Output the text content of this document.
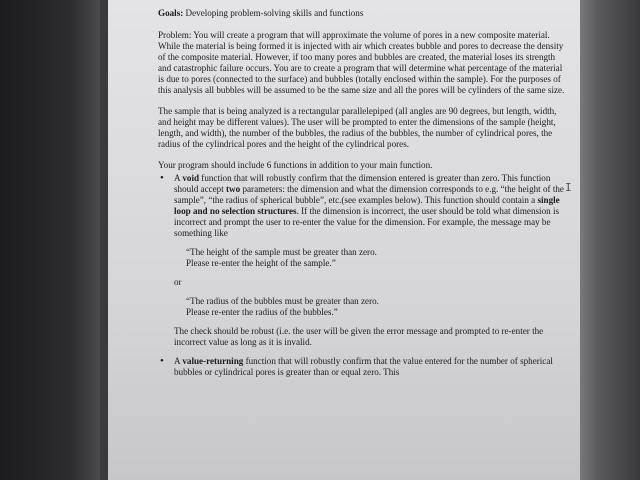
Goals: Developing problem-solving skills and functions

Problem: You will create a program that will approximate the volume of pores in a new composite material. While the material is being formed it is injected with air which creates bubble and pores to decrease the density of the composite material. However, if too many pores and bubbles are created, the material loses its strength and catastrophic failure occurs. You are to create a program that will determine what percentage of the material is due to pores (connected to the surface) and bubbles (totally enclosed within the sample). For the purposes of this analysis all bubbles will be assumed to be the same size and all the pores will be cylinders of the same size.

The sample that is being analyzed is a rectangular parallelepiped (all angles are 90 degrees, but length, width, and height may be different values). The user will be prompted to enter the dimensions of the sample (height, length, and width), the number of the bubbles, the radius of the bubbles, the number of cylindrical pores, the radius of the cylindrical pores and the height of the cylindrical pores.

Your program should include 6 functions in addition to your main function.

• A void function that will robustly confirm that the dimension entered is greater than zero. This function should accept two parameters: the dimension and what the dimension corresponds to e.g. “the height of the sample”, “the radius of spherical bubble”, etc.(see examples below). This function should contain a single loop and no selection structures. If the dimension is incorrect, the user should be told what dimension is incorrect and prompt the user to re-enter the value for the dimension. For example, the message may be something like
“The height of the sample must be greater than zero.
Please re-enter the height of the sample.”
or
“The radius of the bubbles must be greater than zero.
Please re-enter the radius of the bubbles.”
The check should be robust (i.e. the user will be given the error message and prompted to re-enter the incorrect value as long as it is invalid.
• A value-returning function that will robustly confirm that the value entered for the number of spherical bubbles or cylindrical pores is greater than or equal zero. This
I
